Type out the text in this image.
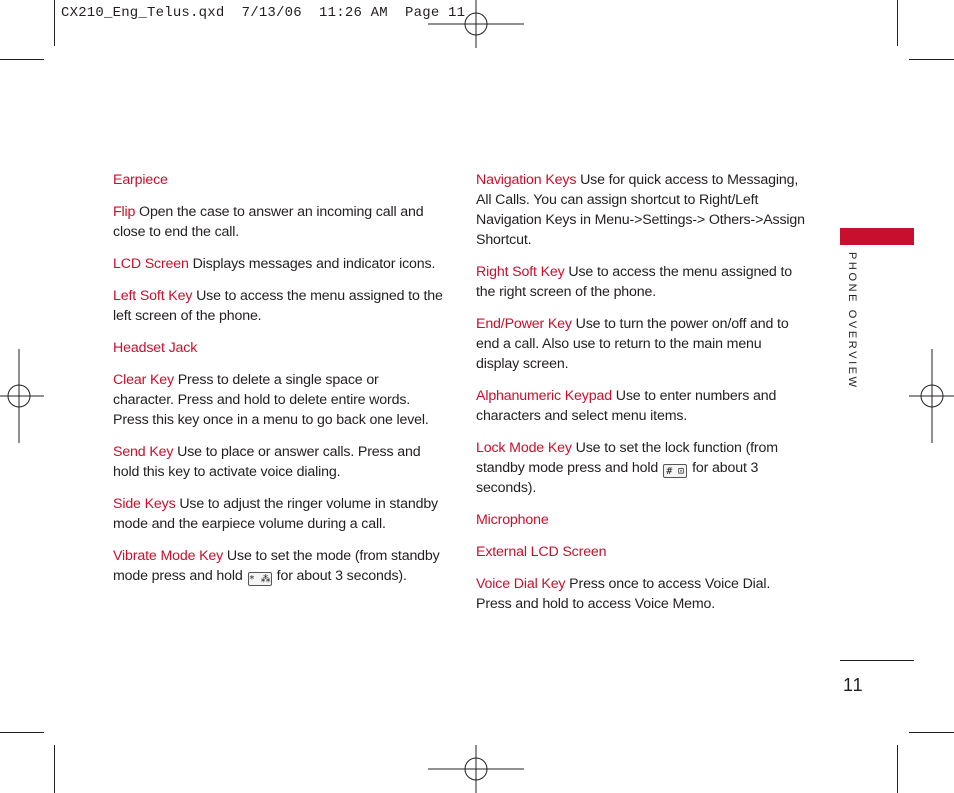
CX210_Eng_Telus.qxd  7/13/06  11:26 AM  Page 11

Earpiece

Flip Open the case to answer an incoming call and close to end the call.

LCD Screen Displays messages and indicator icons.

Left Soft Key Use to access the menu assigned to the left screen of the phone.

Headset Jack

Clear Key Press to delete a single space or character. Press and hold to delete entire words. Press this key once in a menu to go back one level.

Send Key Use to place or answer calls. Press and hold this key to activate voice dialing.

Side Keys Use to adjust the ringer volume in standby mode and the earpiece volume during a call.

Vibrate Mode Key Use to set the mode (from standby mode press and hold * ⁂ for about 3 seconds).

Navigation Keys Use for quick access to Messaging, All Calls. You can assign shortcut to Right/Left Navigation Keys in Menu->Settings-> Others->Assign Shortcut.

Right Soft Key Use to access the menu assigned to the right screen of the phone.

End/Power Key Use to turn the power on/off and to end a call. Also use to return to the main menu display screen.

Alphanumeric Keypad Use to enter numbers and characters and select menu items.

Lock Mode Key Use to set the lock function (from standby mode press and hold # ⊡ for about 3 seconds).

Microphone

External LCD Screen

Voice Dial Key Press once to access Voice Dial. Press and hold to access Voice Memo.

PHONE OVERVIEW
11
